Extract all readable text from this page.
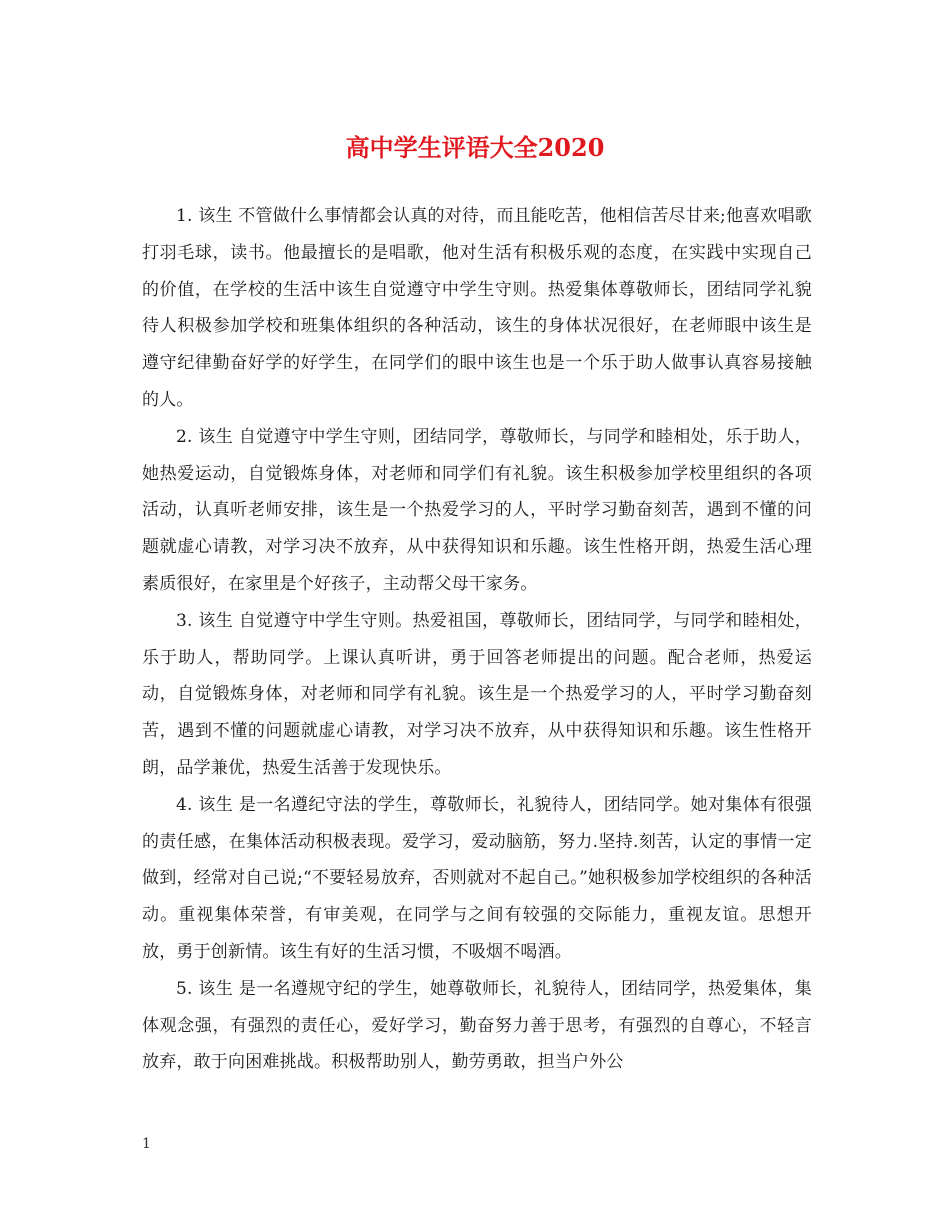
高中学生评语大全2020

1. 该生 不管做什么事情都会认真的对待，而且能吃苦，他相信苦尽甘来;他喜欢唱歌打羽毛球，读书。他最擅长的是唱歌，他对生活有积极乐观的态度，在实践中实现自己的价值，在学校的生活中该生自觉遵守中学生守则。热爱集体尊敬师长，团结同学礼貌待人积极参加学校和班集体组织的各种活动，该生的身体状况很好，在老师眼中该生是遵守纪律勤奋好学的好学生，在同学们的眼中该生也是一个乐于助人做事认真容易接触的人。

2. 该生 自觉遵守中学生守则，团结同学，尊敬师长，与同学和睦相处，乐于助人，她热爱运动，自觉锻炼身体，对老师和同学们有礼貌。该生积极参加学校里组织的各项活动，认真听老师安排，该生是一个热爱学习的人，平时学习勤奋刻苦，遇到不懂的问题就虚心请教，对学习决不放弃，从中获得知识和乐趣。该生性格开朗，热爱生活心理素质很好，在家里是个好孩子，主动帮父母干家务。

3. 该生 自觉遵守中学生守则。热爱祖国，尊敬师长，团结同学，与同学和睦相处，乐于助人，帮助同学。上课认真听讲，勇于回答老师提出的问题。配合老师，热爱运动，自觉锻炼身体，对老师和同学有礼貌。该生是一个热爱学习的人，平时学习勤奋刻苦，遇到不懂的问题就虚心请教，对学习决不放弃，从中获得知识和乐趣。该生性格开朗，品学兼优，热爱生活善于发现快乐。

4. 该生 是一名遵纪守法的学生，尊敬师长，礼貌待人，团结同学。她对集体有很强的责任感，在集体活动积极表现。爱学习，爱动脑筋，努力.坚持.刻苦，认定的事情一定做到，经常对自己说;“不要轻易放弃，否则就对不起自己。”她积极参加学校组织的各种活动。重视集体荣誉，有审美观，在同学与之间有较强的交际能力，重视友谊。思想开放，勇于创新情。该生有好的生活习惯，不吸烟不喝酒。

5. 该生 是一名遵规守纪的学生，她尊敬师长，礼貌待人，团结同学，热爱集体，集体观念强，有强烈的责任心，爱好学习，勤奋努力善于思考，有强烈的自尊心，不轻言放弃，敢于向困难挑战。积极帮助别人，勤劳勇敢，担当户外公

1
